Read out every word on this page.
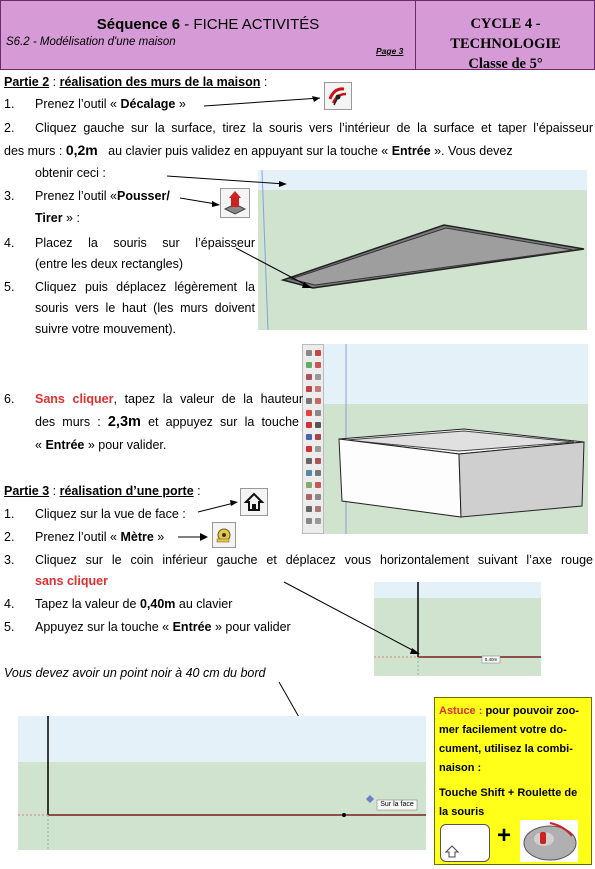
Séquence 6 - FICHE ACTIVITÉS
S6.2 - Modélisation d'une maison
Page 3
CYCLE 4 - TECHNOLOGIE
Classe de 5°
Partie 2 : réalisation des murs de la maison :
1. Prenez l’outil « Décalage »
2. Cliquez gauche sur la surface, tirez la souris vers l’intérieur de la surface et taper l’épaisseur
des murs : 0,2m au clavier puis validez en appuyant sur la touche « Entrée ». Vous devez
obtenir ceci :
3. Prenez l’outil «Pousser/
Tirer » :
4. Placez la souris sur l’épaisseur
(entre les deux rectangles)
5. Cliquez puis déplacez légèrement la
souris vers le haut (les murs doivent
suivre votre mouvement).
6. Sans cliquer, tapez la valeur de la hauteur
des murs : 2,3m et appuyez sur la touche
« Entrée » pour valider.
Partie 3 : réalisation d’une porte :
1. Cliquez sur la vue de face :
2. Prenez l’outil « Mètre »
3. Cliquez sur le coin inférieur gauche et déplacez vous horizontalement suivant l’axe rouge
sans cliquer
4. Tapez la valeur de 0,40m au clavier
5. Appuyez sur la touche « Entrée » pour valider
0.40m
Vous devez avoir un point noir à 40 cm du bord
Sur la face
Astuce : pour pouvoir zoo-mer facilement votre do-cument, utilisez la combi-naison :
Touche Shift + Roulette de la souris
+
